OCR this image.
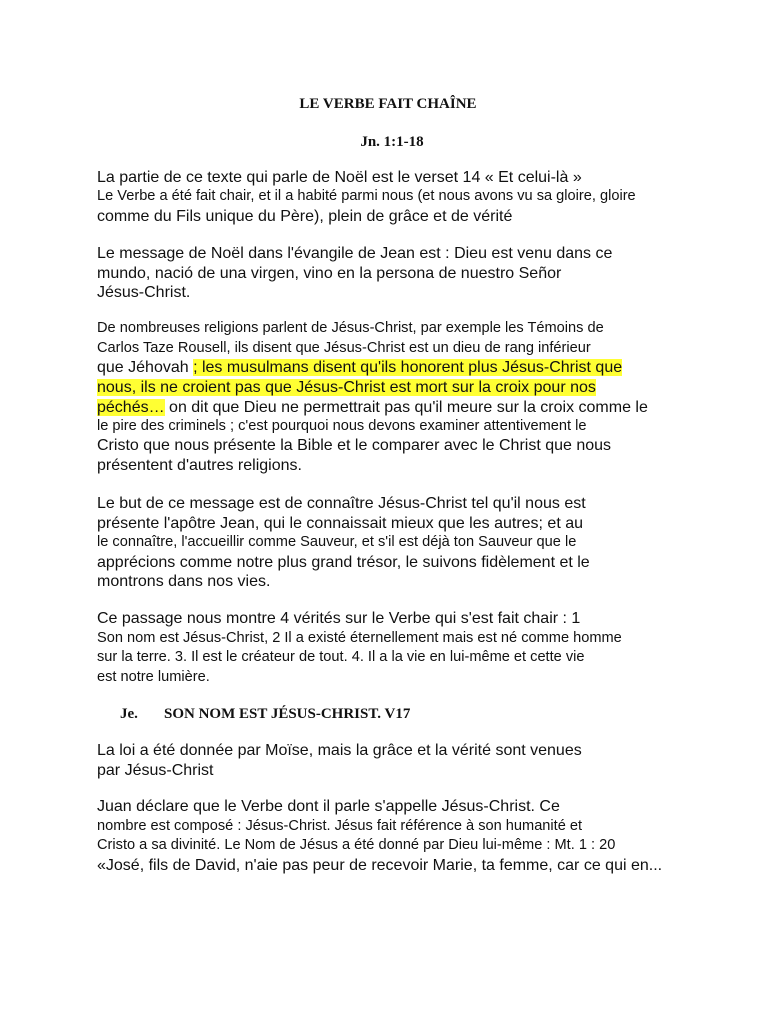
LE VERBE FAIT CHAÎNE
Jn. 1:1-18
La partie de ce texte qui parle de Noël est le verset 14 « Et celui-là »
Le Verbe a été fait chair, et il a habité parmi nous (et nous avons vu sa gloire, gloire
comme du Fils unique du Père), plein de grâce et de vérité
Le message de Noël dans l'évangile de Jean est : Dieu est venu dans ce
mundo, nació de una virgen, vino en la persona de nuestro Señor
Jésus-Christ.
De nombreuses religions parlent de Jésus-Christ, par exemple les Témoins de
Carlos Taze Rousell, ils disent que Jésus-Christ est un dieu de rang inférieur
que Jéhovah ; les musulmans disent qu'ils honorent plus Jésus-Christ que
nous, ils ne croient pas que Jésus-Christ est mort sur la croix pour nos
péchés… on dit que Dieu ne permettrait pas qu'il meure sur la croix comme le
le pire des criminels ; c'est pourquoi nous devons examiner attentivement le
Cristo que nous présente la Bible et le comparer avec le Christ que nous
présentent d'autres religions.
Le but de ce message est de connaître Jésus-Christ tel qu'il nous est
présente l'apôtre Jean, qui le connaissait mieux que les autres; et au
le connaître, l'accueillir comme Sauveur, et s'il est déjà ton Sauveur que le
apprécions comme notre plus grand trésor, le suivons fidèlement et le
montrons dans nos vies.
Ce passage nous montre 4 vérités sur le Verbe qui s'est fait chair : 1
Son nom est Jésus-Christ, 2 Il a existé éternellement mais est né comme homme
sur la terre. 3. Il est le créateur de tout. 4. Il a la vie en lui-même et cette vie
est notre lumière.
Je. SON NOM EST JÉSUS-CHRIST. V17
La loi a été donnée par Moïse, mais la grâce et la vérité sont venues
par Jésus-Christ
Juan déclare que le Verbe dont il parle s'appelle Jésus-Christ. Ce
nombre est composé : Jésus-Christ. Jésus fait référence à son humanité et
Cristo a sa divinité. Le Nom de Jésus a été donné par Dieu lui-même : Mt. 1 : 20
«José, fils de David, n'aie pas peur de recevoir Marie, ta femme, car ce qui en...
